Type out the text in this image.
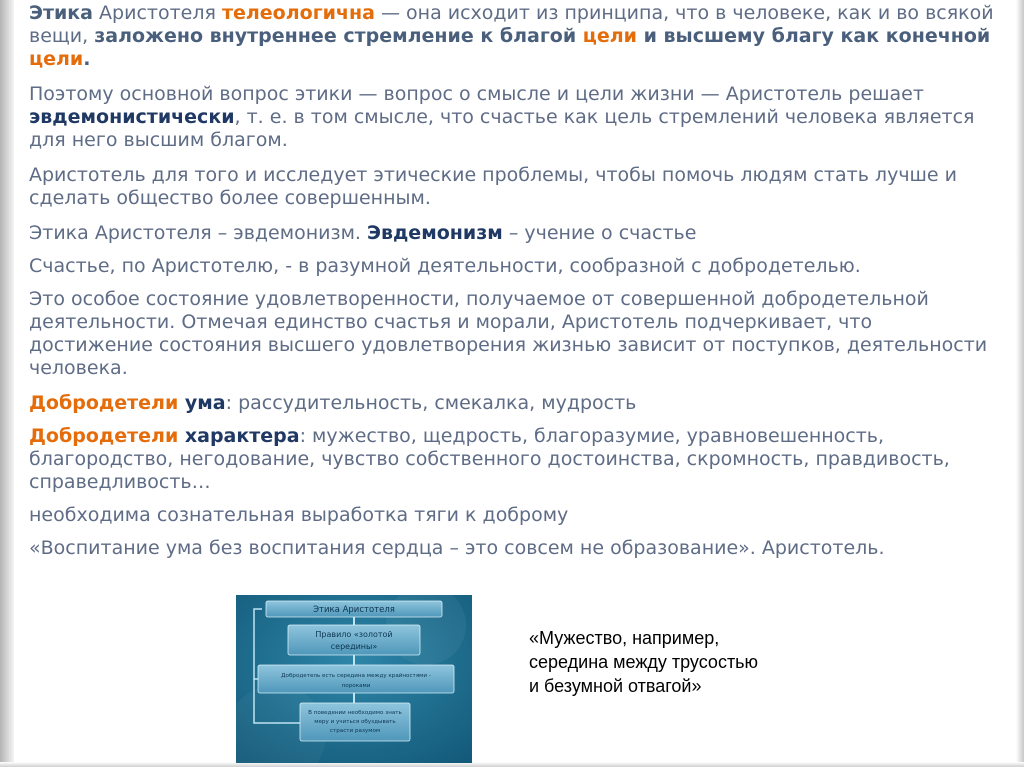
Этика Аристотеля телеологична — она исходит из принципа, что в человеке, как и во всякой вещи, заложено внутреннее стремление к благой цели и высшему благу как конечной цели.

Поэтому основной вопрос этики — вопрос о смысле и цели жизни — Аристотель решает эвдемонистически, т. е. в том смысле, что счастье как цель стремлений человека является для него высшим благом.

Аристотель для того и исследует этические проблемы, чтобы помочь людям стать лучше и сделать общество более совершенным.

Этика Аристотеля – эвдемонизм. Эвдемонизм – учение о счастье

Счастье, по Аристотелю, - в разумной деятельности, сообразной с добродетелью.

Это особое состояние удовлетворенности, получаемое от совершенной добродетельной деятельности. Отмечая единство счастья и морали, Аристотель подчеркивает, что достижение состояния высшего удовлетворения жизнью зависит от поступков, деятельности человека.

Добродетели ума: рассудительность, смекалка, мудрость

Добродетели характера: мужество, щедрость, благоразумие, уравновешенность, благородство, негодование, чувство собственного достоинства, скромность, правдивость, справедливость…

необходима сознательная выработка тяги к доброму

«Воспитание ума без воспитания сердца – это совсем не образование». Аристотель.

Этика Аристотеля
Правило «золотой
середины»
Добродетель есть середина между крайностями -
пороками
В поведении необходимо знать
меру и учиться обуздывать
страсти разумом
«Мужество, например,
середина между трусостью
и безумной отвагой»
